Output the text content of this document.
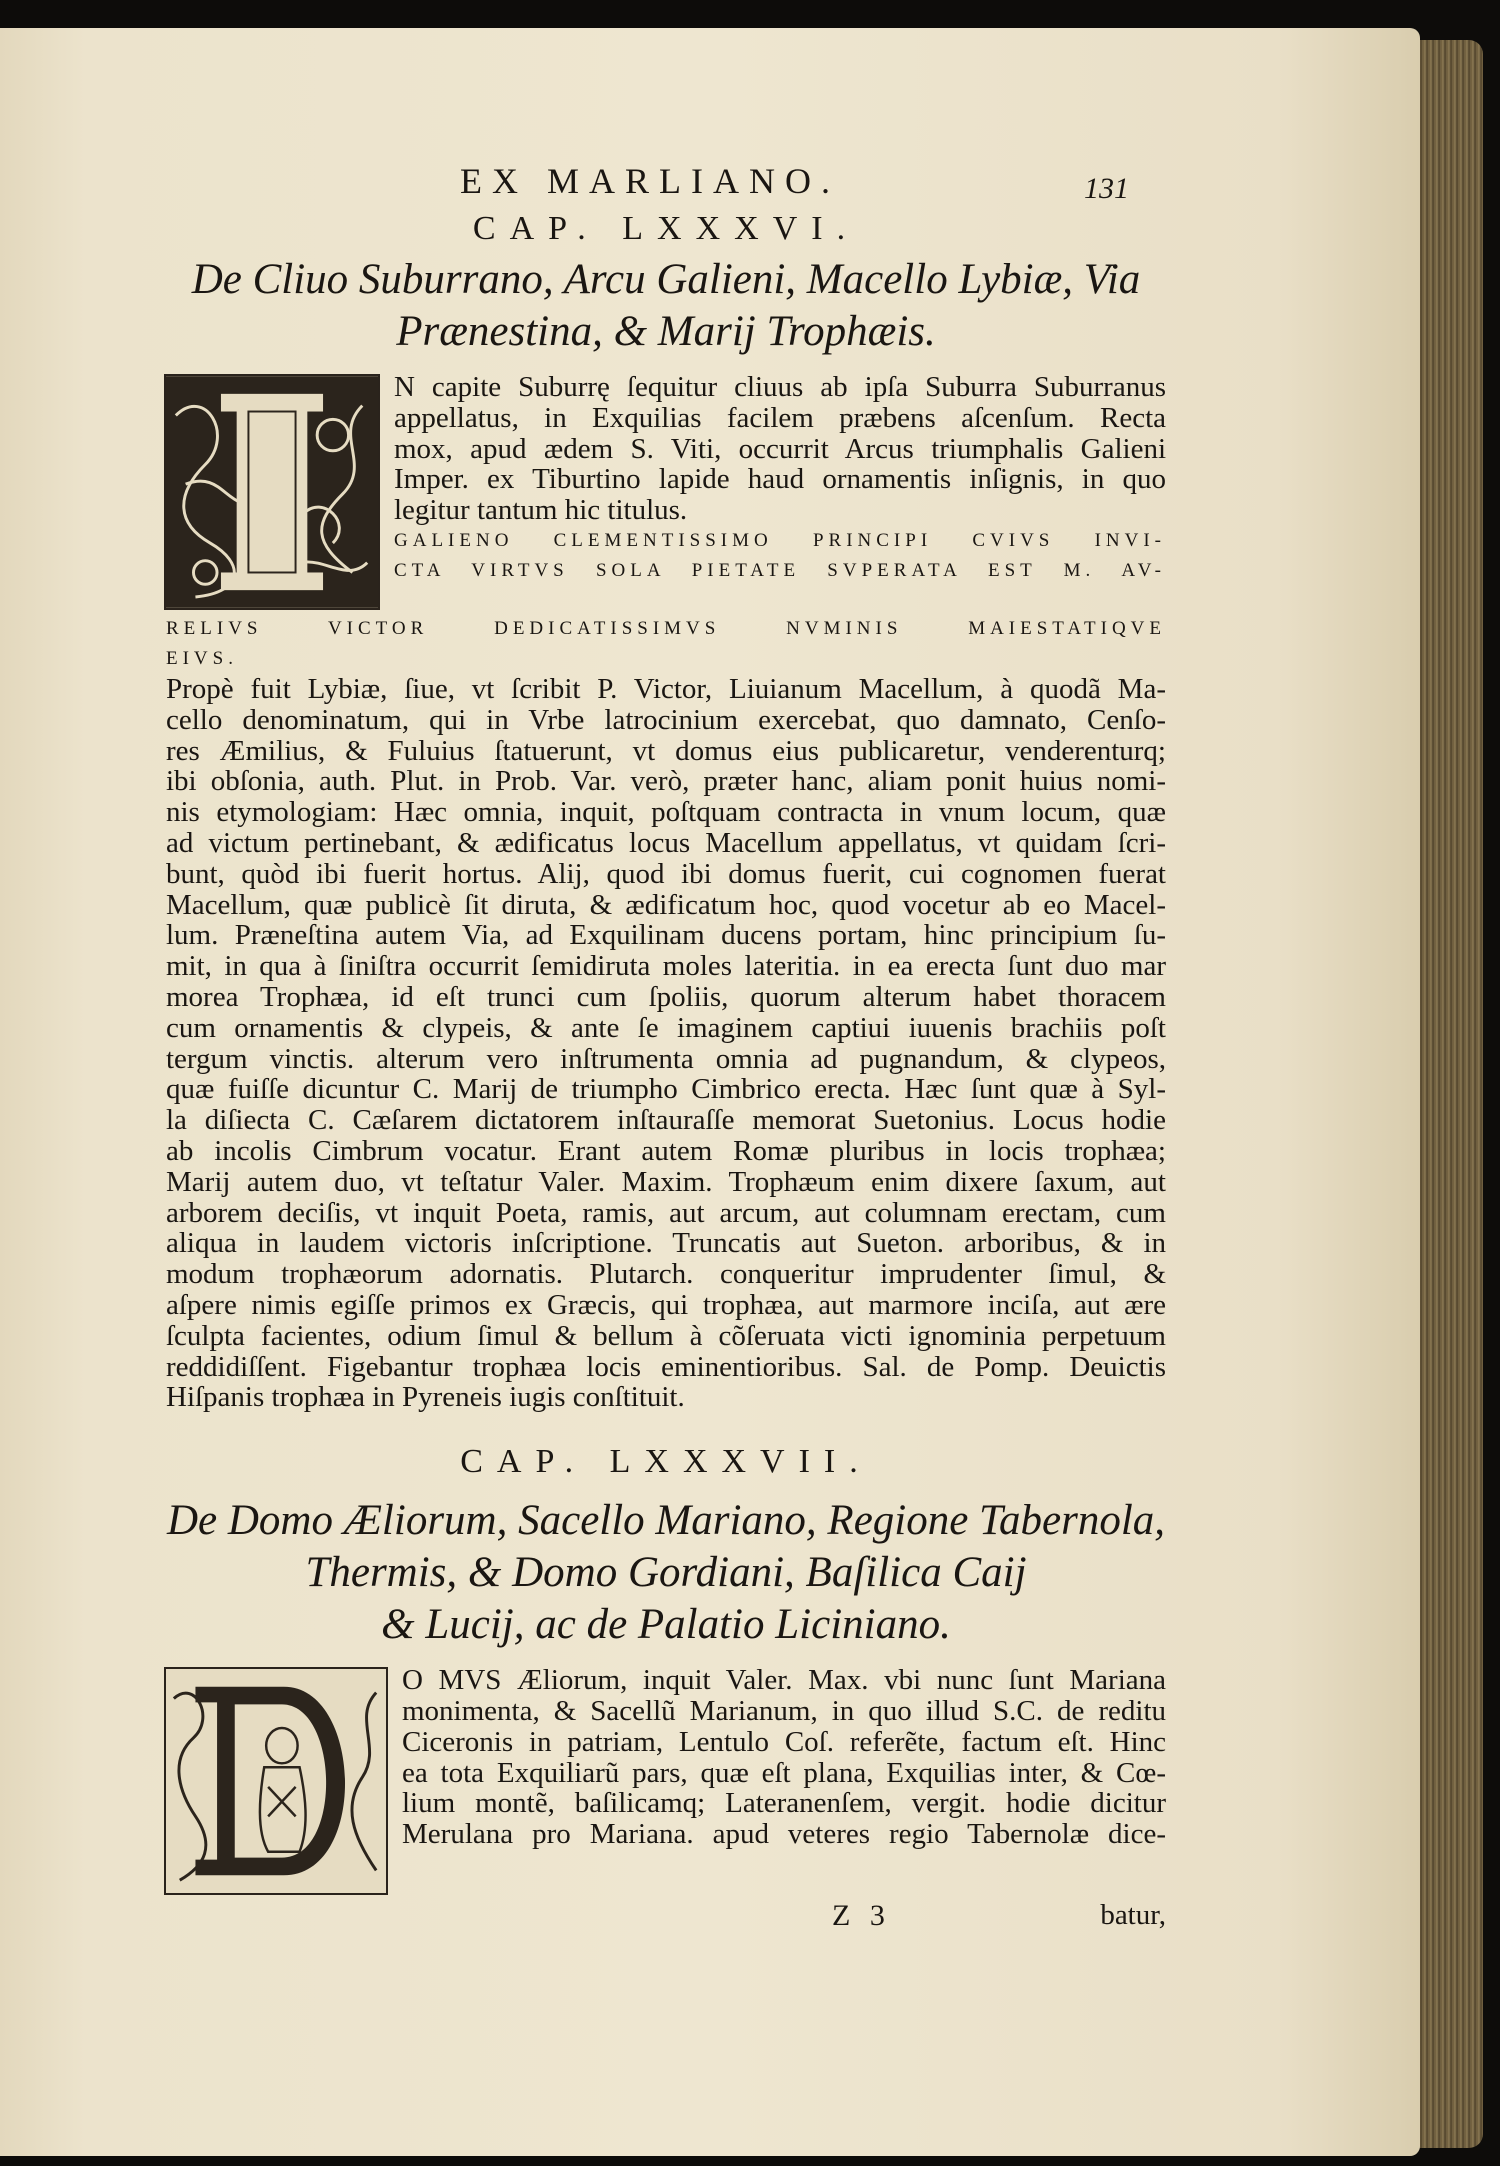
EX MARLIANO.	131
CAP. LXXXVI.
De Cliuo Suburrano, Arcu Galieni, Macello Lybiæ, Via
Prænestina, & Marij Trophæis.
N capite Suburrę ſequitur cliuus ab ipſa Suburra Suburranus
appellatus, in Exquilias facilem præbens aſcenſum. Recta
mox, apud ædem S. Viti, occurrit Arcus triumphalis Galieni
Imper. ex Tiburtino lapide haud ornamentis inſignis, in quo
legitur tantum hic titulus.
GALIENO CLEMENTISSIMO PRINCIPI CVIVS INVI-
CTA VIRTVS SOLA PIETATE SVPERATA EST M. AV-
RELIVS VICTOR DEDICATISSIMVS NVMINIS MAIESTATIQVE
EIVS.
Propè fuit Lybiæ, ſiue, vt ſcribit P. Victor, Liuianum Macellum, à quodã Ma-
cello denominatum, qui in Vrbe latrocinium exercebat, quo damnato, Cenſo-
res Æmilius, & Fuluius ſtatuerunt, vt domus eius publicaretur, venderenturq;
ibi obſonia, auth. Plut. in Prob. Var. verò, præter hanc, aliam ponit huius nomi-
nis etymologiam: Hæc omnia, inquit, poſtquam contracta in vnum locum, quæ
ad victum pertinebant, & ædificatus locus Macellum appellatus, vt quidam ſcri-
bunt, quòd ibi fuerit hortus. Alij, quod ibi domus fuerit, cui cognomen fuerat
Macellum, quæ publicè ſit diruta, & ædificatum hoc, quod vocetur ab eo Macel-
lum. Præneſtina autem Via, ad Exquilinam ducens portam, hinc principium ſu-
mit, in qua à ſiniſtra occurrit ſemidiruta moles lateritia. in ea erecta ſunt duo mar
morea Trophæa, id eſt trunci cum ſpoliis, quorum alterum habet thoracem
cum ornamentis & clypeis, & ante ſe imaginem captiui iuuenis brachiis poſt
tergum vinctis. alterum vero inſtrumenta omnia ad pugnandum, & clypeos,
quæ fuiſſe dicuntur C. Marij de triumpho Cimbrico erecta. Hæc ſunt quæ à Syl-
la diſiecta C. Cæſarem dictatorem inſtauraſſe memorat Suetonius. Locus hodie
ab incolis Cimbrum vocatur. Erant autem Romæ pluribus in locis trophæa;
Marij autem duo, vt teſtatur Valer. Maxim. Trophæum enim dixere ſaxum, aut
arborem deciſis, vt inquit Poeta, ramis, aut arcum, aut columnam erectam, cum
aliqua in laudem victoris inſcriptione. Truncatis aut Sueton. arboribus, & in
modum trophæorum adornatis. Plutarch. conqueritur imprudenter ſimul, &
aſpere nimis egiſſe primos ex Græcis, qui trophæa, aut marmore inciſa, aut ære
ſculpta facientes, odium ſimul & bellum à cõſeruata victi ignominia perpetuum
reddidiſſent. Figebantur trophæa locis eminentioribus. Sal. de Pomp. Deuictis
Hiſpanis trophæa in Pyreneis iugis conſtituit.
CAP. LXXXVII.
De Domo Æliorum, Sacello Mariano, Regione Tabernola,
Thermis, & Domo Gordiani, Baſilica Caij
& Lucij, ac de Palatio Liciniano.
O MVS Æliorum, inquit Valer. Max. vbi nunc ſunt Mariana
monimenta, & Sacellũ Marianum, in quo illud S.C. de reditu
Ciceronis in patriam, Lentulo Coſ. referẽte, factum eſt. Hinc
ea tota Exquiliarũ pars, quæ eſt plana, Exquilias inter, & Cœ-
lium montẽ, baſilicamq; Lateranenſem, vergit. hodie dicitur
Merulana pro Mariana. apud veteres regio Tabernolæ dice-
Z 3	batur,
